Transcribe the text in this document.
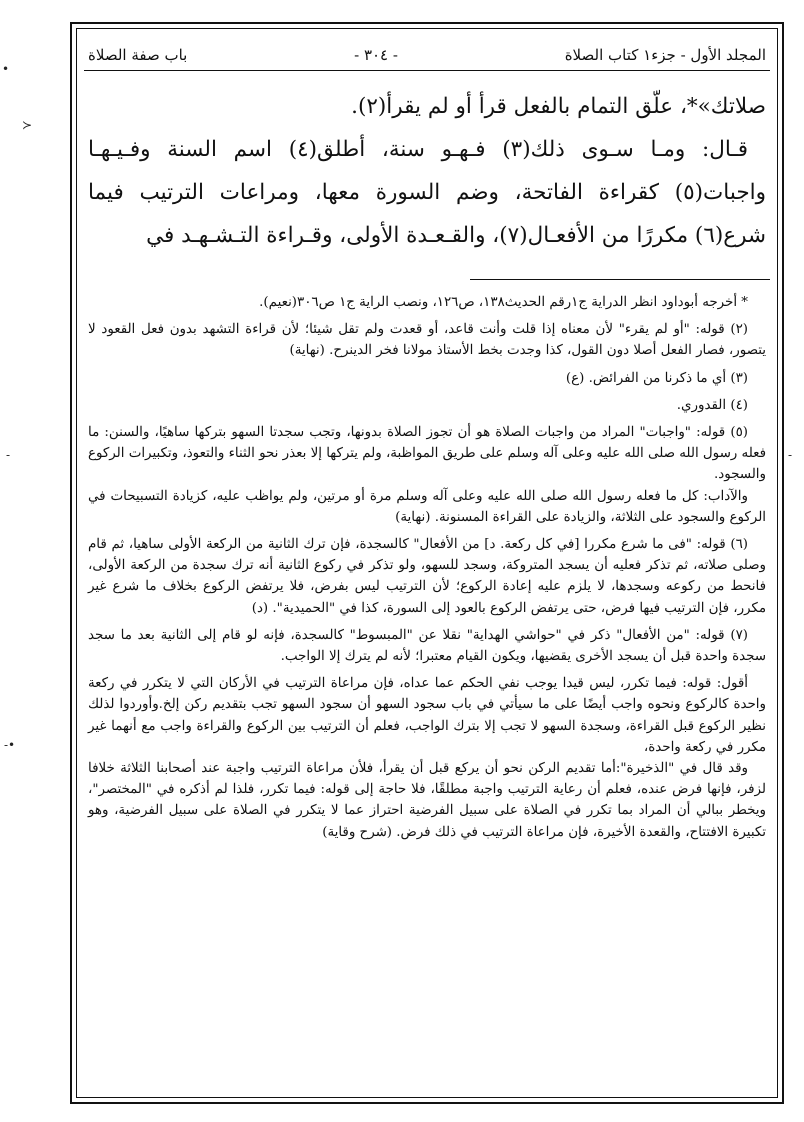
•
≻
-
-•
-
المجلد الأول - جزء١ كتاب الصلاة
- ٣٠٤ -
باب صفة الصلاة

صلاتك»*، علّق التمام بالفعل قرأ أو لم يقرأ(٢).

قـال: ومـا سـوى ذلك(٣) فـهـو سنة، أطلق(٤) اسم السنة وفـيـهـا واجبات(٥) كقراءة الفاتحة، وضم السورة معها، ومراعات الترتيب فيما شرع(٦) مكررًا من الأفعـال(٧)، والقـعـدة الأولى، وقـراءة التـشـهـد في

* أخرجه أبوداود انظر الدراية ج١رقم الحديث١٣٨، ص١٢٦، ونصب الراية ج١ ص٣٠٦(نعيم).

(٢) قوله: "أو لم يقرء" لأن معناه إذا قلت وأنت قاعد، أو قعدت ولم تقل شيئا؛ لأن قراءة التشهد بدون فعل القعود لا يتصور، فصار الفعل أصلا دون القول، كذا وجدت بخط الأستاذ مولانا فخر الدينرح. (نهاية)

(٣) أي ما ذكرنا من الفرائض. (ع)

(٤) القدوري.

(٥) قوله: "واجبات" المراد من واجبات الصلاة هو أن تجوز الصلاة بدونها، وتجب سجدتا السهو بتركها ساهيًا، والسنن: ما فعله رسول الله صلى الله عليه وعلى آله وسلم على طريق المواظبة، ولم يتركها إلا بعذر نحو الثناء والتعوذ، وتكبيرات الركوع والسجود.

والآداب: كل ما فعله رسول الله صلى الله عليه وعلى آله وسلم مرة أو مرتين، ولم يواظب عليه، كزيادة التسبيحات في الركوع والسجود على الثلاثة، والزيادة على القراءة المسنونة. (نهاية)

(٦) قوله: "فى ما شرع مكررا [في كل ركعة. د] من الأفعال" كالسجدة، فإن ترك الثانية من الركعة الأولى ساهيا، ثم قام وصلى صلاته، ثم تذكر فعليه أن يسجد المتروكة، وسجد للسهو، ولو تذكر في ركوع الثانية أنه ترك سجدة من الركعة الأولى، فانحط من ركوعه وسجدها، لا يلزم عليه إعادة الركوع؛ لأن الترتيب ليس بفرض، فلا يرتفض الركوع بخلاف ما شرع غير مكرر، فإن الترتيب فيها فرض، حتى يرتفض الركوع بالعود إلى السورة، كذا في "الحميدية". (د)

(٧) قوله: "من الأفعال" ذكر في "حواشي الهداية" نقلا عن "المبسوط" كالسجدة، فإنه لو قام إلى الثانية بعد ما سجد سجدة واحدة قبل أن يسجد الأخرى يقضيها، ويكون القيام معتبرا؛ لأنه لم يترك إلا الواجب.

أقول: قوله: فيما تكرر، ليس قيدا يوجب نفي الحكم عما عداه، فإن مراعاة الترتيب في الأركان التي لا يتكرر في ركعة واحدة كالركوع ونحوه واجب أيضًا على ما سيأتي في باب سجود السهو أن سجود السهو تجب بتقديم ركن إلخ.وأوردوا لذلك نظير الركوع قبل القراءة، وسجدة السهو لا تجب إلا بترك الواجب، فعلم أن الترتيب بين الركوع والقراءة واجب مع أنهما غير مكرر في ركعة واحدة،

وقد قال في "الذخيرة":أما تقديم الركن نحو أن يركع قبل أن يقرأ، فلأن مراعاة الترتيب واجبة عند أصحابنا الثلاثة خلافا لزفر، فإنها فرض عنده، فعلم أن رعاية الترتيب واجبة مطلقًا، فلا حاجة إلى قوله: فيما تكرر، فلذا لم أذكره في "المختصر"، ويخطر ببالي أن المراد بما تكرر في الصلاة على سبيل الفرضية احتراز عما لا يتكرر في الصلاة على سبيل الفرضية، وهو تكبيرة الافتتاح، والقعدة الأخيرة، فإن مراعاة الترتيب في ذلك فرض. (شرح وقاية)
